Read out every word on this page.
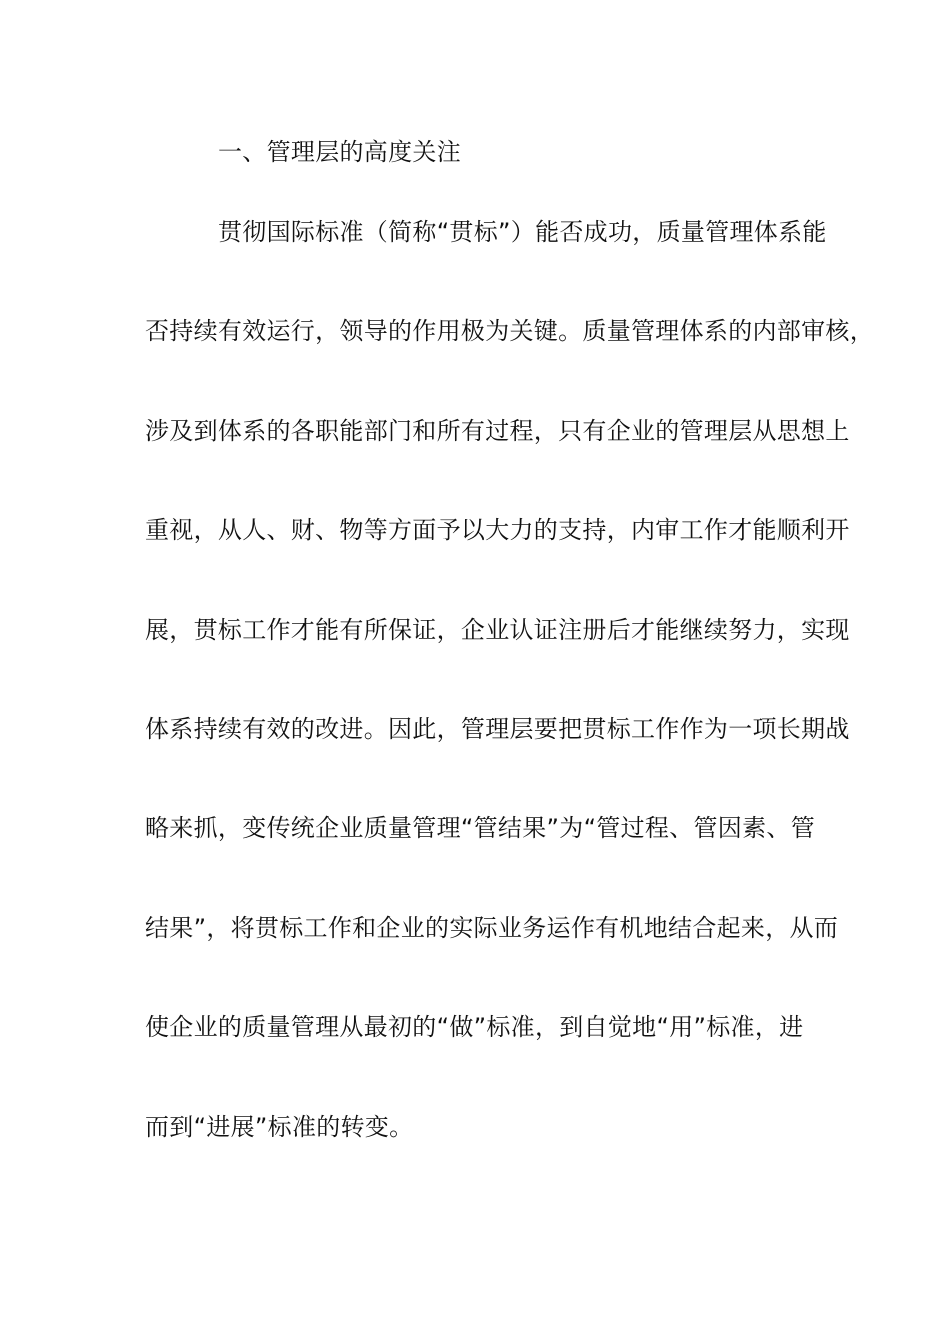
一、管理层的高度关注
贯彻国际标准（简称“贯标”）能否成功，质量管理体系能
否持续有效运行，领导的作用极为关键。质量管理体系的内部审核，
涉及到体系的各职能部门和所有过程，只有企业的管理层从思想上
重视，从人、财、物等方面予以大力的支持，内审工作才能顺利开
展，贯标工作才能有所保证，企业认证注册后才能继续努力，实现
体系持续有效的改进。因此，管理层要把贯标工作作为一项长期战
略来抓，变传统企业质量管理“管结果”为“管过程、管因素、管
结果”，将贯标工作和企业的实际业务运作有机地结合起来，从而
使企业的质量管理从最初的“做”标准，到自觉地“用”标准，进
而到“进展”标准的转变。
